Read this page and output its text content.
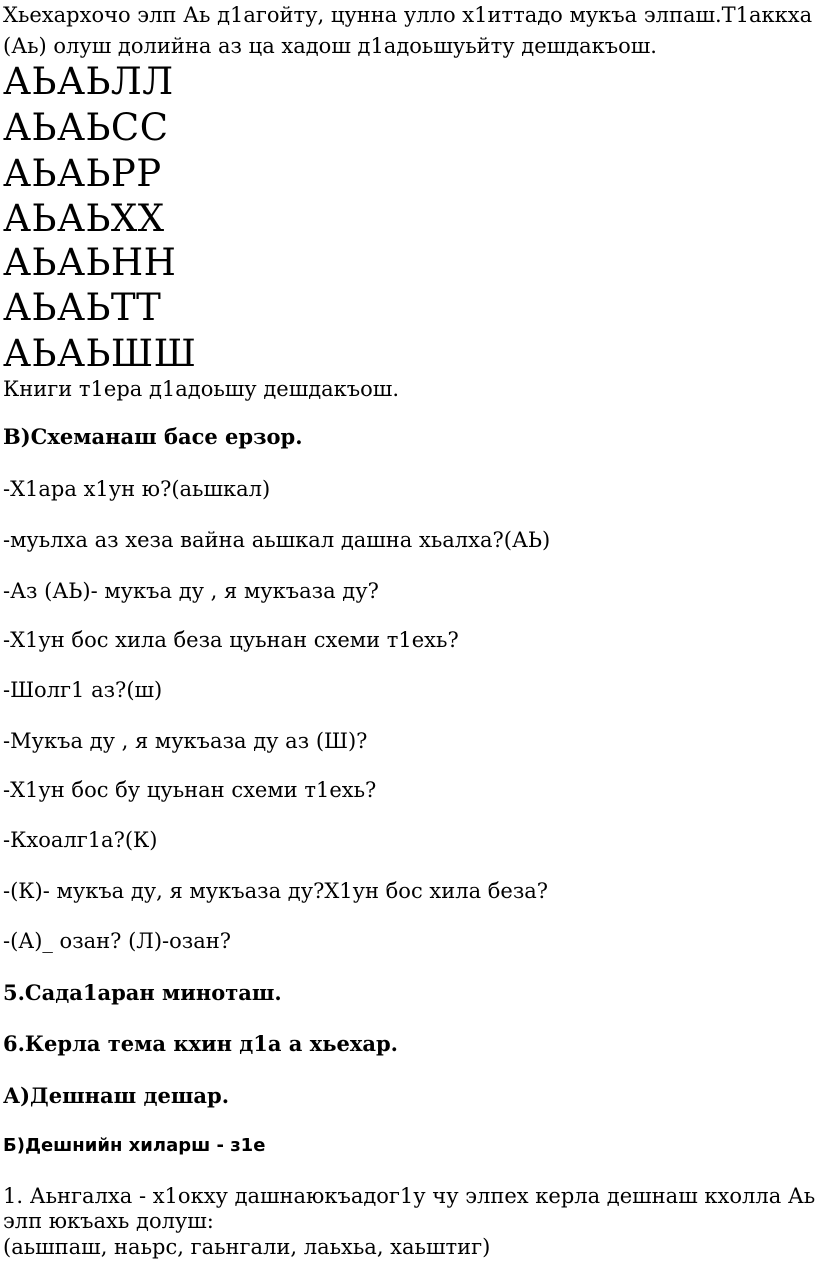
Хьехархочо элп Аь д1агойту, цунна улло х1иттадо мукъа элпаш.Т1аккха
(Аь) олуш долийна аз ца хадош д1адоьшуьйту дешдакъош.
АЬАЬЛЛ
АЬАЬСС
АЬАЬРР
АЬАЬХХ
АЬАЬНН
АЬАЬТТ
АЬАЬШШ
Книги т1ера д1адоьшу дешдакъош.
В)Схеманаш басе ерзор.
-Х1ара х1ун ю?(аьшкал)
-муьлха аз хеза вайна аьшкал дашна хьалха?(АЬ)
-Аз (АЬ)- мукъа ду , я мукъаза ду?
-Х1ун бос хила беза цуьнан схеми т1ехь?
-Шолг1 аз?(ш)
-Мукъа ду , я мукъаза ду аз (Ш)?
-Х1ун бос бу цуьнан схеми т1ехь?
-Кхоалг1а?(К)
-(К)- мукъа ду, я мукъаза ду?Х1ун бос хила беза?
-(А)_ озан? (Л)-озан?
5.Сада1аран миноташ.
6.Керла тема кхин д1а а хьехар.
А)Дешнаш дешар.
Б)Дешнийн хиларш - з1е
1. Аьнгалха - х1окху дашнаюкъадог1у чу элпех керла дешнаш кхолла Аь
элп юкъахь долуш:
(аьшпаш, наьрс, гаьнгали, лаьхьа, хаьштиг)
